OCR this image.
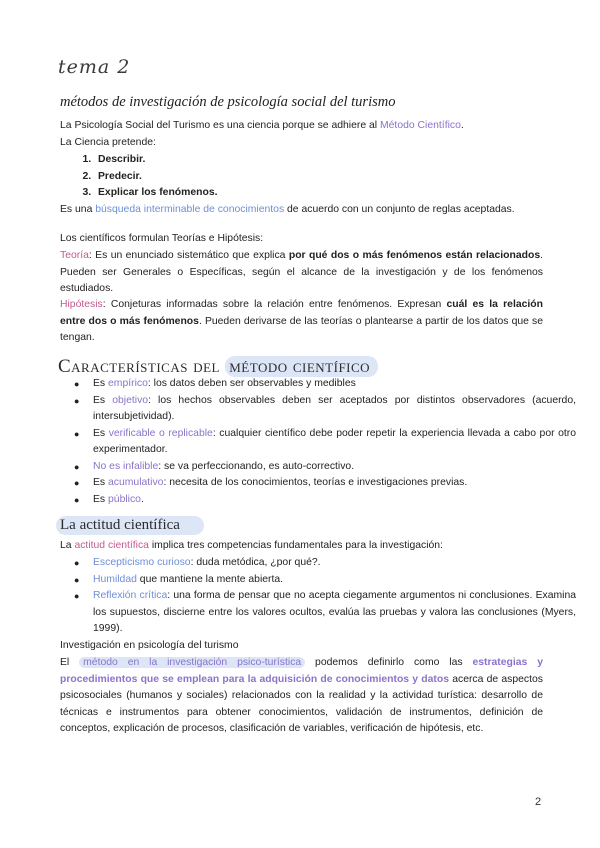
tema 2
métodos de investigación de psicología social del turismo
La Psicología Social del Turismo es una ciencia porque se adhiere al Método Científico.
La Ciencia pretende:
1. Describir.
2. Predecir.
3. Explicar los fenómenos.
Es una búsqueda interminable de conocimientos de acuerdo con un conjunto de reglas aceptadas.
Los científicos formulan Teorías e Hipótesis:
Teoría: Es un enunciado sistemático que explica por qué dos o más fenómenos están relacionados. Pueden ser Generales o Específicas, según el alcance de la investigación y de los fenómenos estudiados.
Hipótesis: Conjeturas informadas sobre la relación entre fenómenos. Expresan cuál es la relación entre dos o más fenómenos. Pueden derivarse de las teorías o plantearse a partir de los datos que se tengan.
Características del método científico
● Es empírico: los datos deben ser observables y medibles
● Es objetivo: los hechos observables deben ser aceptados por distintos observadores (acuerdo, intersubjetividad).
● Es verificable o replicable: cualquier científico debe poder repetir la experiencia llevada a cabo por otro experimentador.
● No es infalible: se va perfeccionando, es auto-correctivo.
● Es acumulativo: necesita de los conocimientos, teorías e investigaciones previas.
● Es público.
La actitud científica
La actitud científica implica tres competencias fundamentales para la investigación:
● Escepticismo curioso: duda metódica, ¿por qué?.
● Humildad que mantiene la mente abierta.
● Reflexión crítica: una forma de pensar que no acepta ciegamente argumentos ni conclusiones. Examina los supuestos, discierne entre los valores ocultos, evalúa las pruebas y valora las conclusiones (Myers, 1999).
Investigación en psicología del turismo
El método en la investigación psico-turística podemos definirlo como las estrategias y procedimientos que se emplean para la adquisición de conocimientos y datos acerca de aspectos psicosociales (humanos y sociales) relacionados con la realidad y la actividad turística: desarrollo de técnicas e instrumentos para obtener conocimientos, validación de instrumentos, definición de conceptos, explicación de procesos, clasificación de variables, verificación de hipótesis, etc.
2
